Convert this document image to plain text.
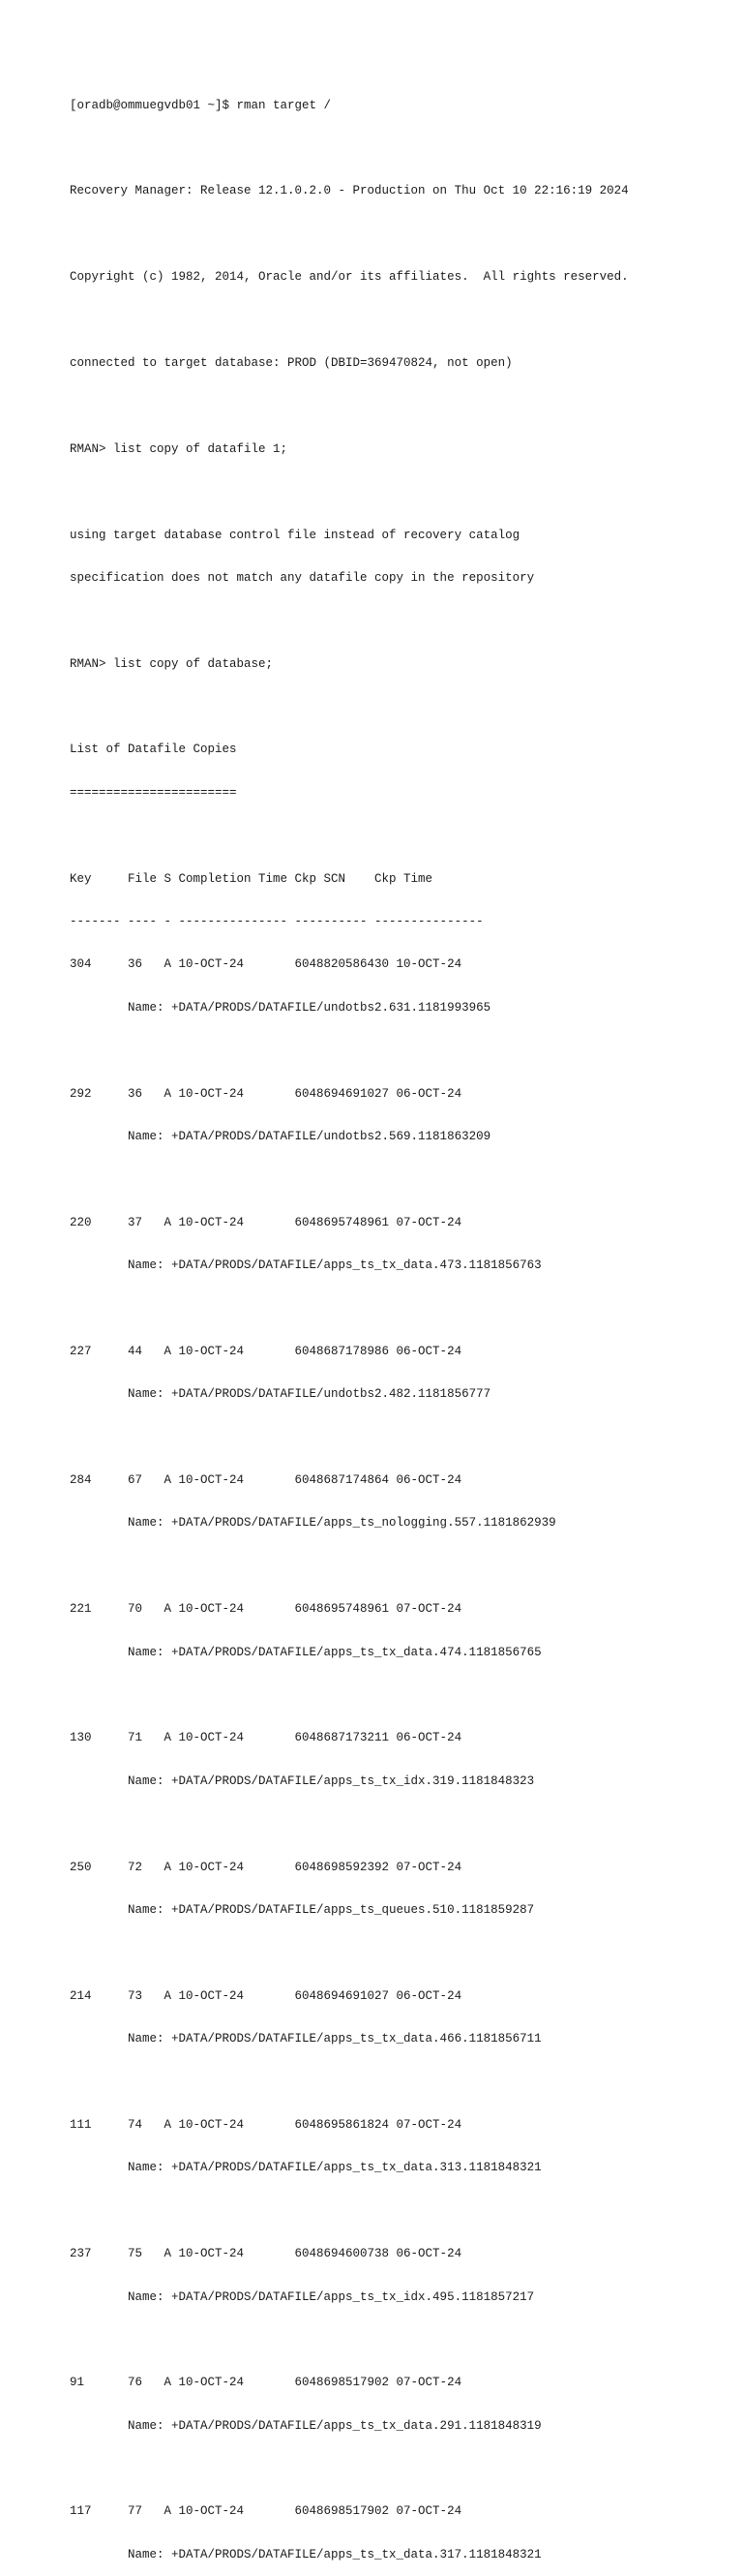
[oradb@ommuegvdb01 ~]$ rman target /

Recovery Manager: Release 12.1.0.2.0 - Production on Thu Oct 10 22:16:19 2024

Copyright (c) 1982, 2014, Oracle and/or its affiliates.  All rights reserved.

connected to target database: PROD (DBID=369470824, not open)

RMAN> list copy of datafile 1;

using target database control file instead of recovery catalog

specification does not match any datafile copy in the repository

RMAN> list copy of database;

List of Datafile Copies

=======================

Key     File S Completion Time Ckp SCN    Ckp Time

------- ---- - --------------- ---------- ---------------

304     36   A 10-OCT-24       6048820586430 10-OCT-24

Name: +DATA/PRODS/DATAFILE/undotbs2.631.1181993965

292     36   A 10-OCT-24       6048694691027 06-OCT-24

Name: +DATA/PRODS/DATAFILE/undotbs2.569.1181863209

220     37   A 10-OCT-24       6048695748961 07-OCT-24

Name: +DATA/PRODS/DATAFILE/apps_ts_tx_data.473.1181856763

227     44   A 10-OCT-24       6048687178986 06-OCT-24

Name: +DATA/PRODS/DATAFILE/undotbs2.482.1181856777

284     67   A 10-OCT-24       6048687174864 06-OCT-24

Name: +DATA/PRODS/DATAFILE/apps_ts_nologging.557.1181862939

221     70   A 10-OCT-24       6048695748961 07-OCT-24

Name: +DATA/PRODS/DATAFILE/apps_ts_tx_data.474.1181856765

130     71   A 10-OCT-24       6048687173211 06-OCT-24

Name: +DATA/PRODS/DATAFILE/apps_ts_tx_idx.319.1181848323

250     72   A 10-OCT-24       6048698592392 07-OCT-24

Name: +DATA/PRODS/DATAFILE/apps_ts_queues.510.1181859287

214     73   A 10-OCT-24       6048694691027 06-OCT-24

Name: +DATA/PRODS/DATAFILE/apps_ts_tx_data.466.1181856711

111     74   A 10-OCT-24       6048695861824 07-OCT-24

Name: +DATA/PRODS/DATAFILE/apps_ts_tx_data.313.1181848321

237     75   A 10-OCT-24       6048694600738 06-OCT-24

Name: +DATA/PRODS/DATAFILE/apps_ts_tx_idx.495.1181857217

91      76   A 10-OCT-24       6048698517902 07-OCT-24

Name: +DATA/PRODS/DATAFILE/apps_ts_tx_data.291.1181848319

117     77   A 10-OCT-24       6048698517902 07-OCT-24

Name: +DATA/PRODS/DATAFILE/apps_ts_tx_data.317.1181848321
